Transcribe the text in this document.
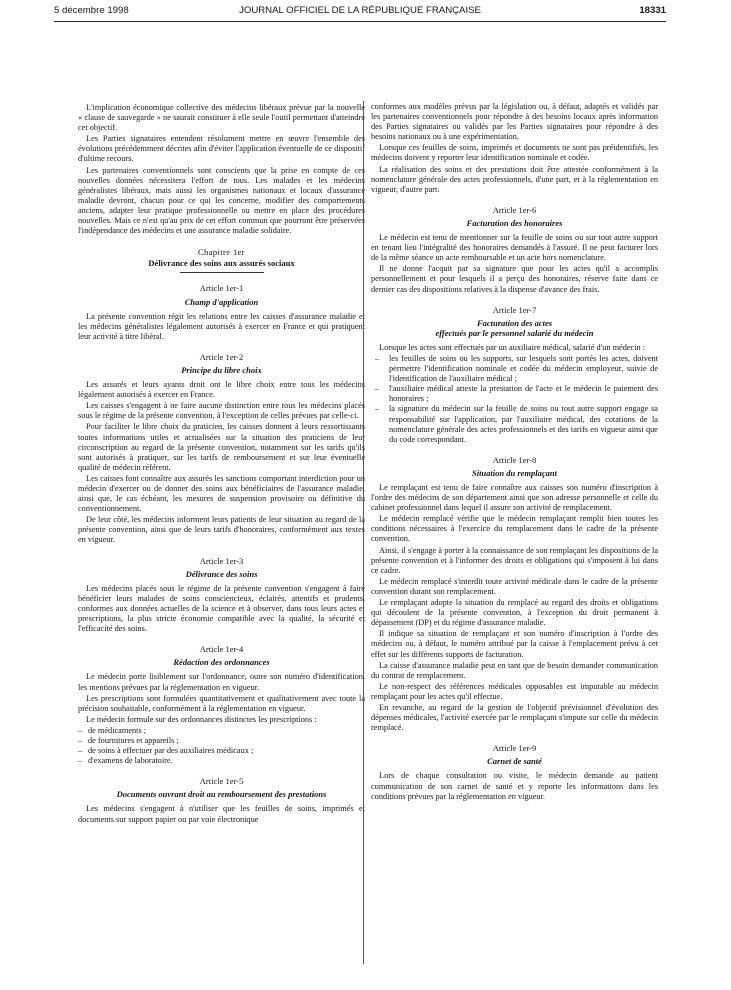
5 décembre 1998	JOURNAL OFFICIEL DE LA RÉPUBLIQUE FRANÇAISE	18331

L'implication économique collective des médecins libéraux prévue par la nouvelle « clause de sauvegarde » ne saurait constituer à elle seule l'outil permettant d'atteindre cet objectif.

Les Parties signataires entendent résolument mettre en œuvre l'ensemble des évolutions précédemment décrites afin d'éviter l'application éventuelle de ce dispositif d'ultime recours.

Les partenaires conventionnels sont conscients que la prise en compte de ces nouvelles données nécessitera l'effort de tous. Les malades et les médecins généralistes libéraux, mais aussi les organismes nationaux et locaux d'assurance maladie devront, chacun pour ce qui les concerne, modifier des comportements anciens, adapter leur pratique professionnelle ou mettre en place des procédures nouvelles. Mais ce n'est qu'au prix de cet effort commun que pourront être préservées l'indépendance des médecins et une assurance maladie solidaire.

Chapitre 1er
Délivrance des soins aux assurés sociaux
Article 1er-1
Champ d'application

La présente convention régit les relations entre les caisses d'assurance maladie et les médecins généralistes légalement autorisés à exercer en France et qui pratiquent leur activité à titre libéral.

Article 1er-2
Principe du libre choix

Les assurés et leurs ayants droit ont le libre choix entre tous les médecins légalement autorisés à exercer en France.

Les caisses s'engagent à ne faire aucune distinction entre tous les médecins placés sous le régime de la présente convention, à l'exception de celles prévues par celle-ci.

Pour faciliter le libre choix du praticien, les caisses donnent à leurs ressortissants toutes informations utiles et actualisées sur la situation des praticiens de leur circonscription au regard de la présente convention, notamment sur les tarifs qu'ils sont autorisés à pratiquer, sur les tarifs de remboursement et sur leur éventuelle qualité de médecin référent.

Les caisses font connaître aux assurés les sanctions comportant interdiction pour un médecin d'exercer ou de donner des soins aux bénéficiaires de l'assurance maladie, ainsi que, le cas échéant, les mesures de suspension provisoire ou définitive du conventionnement.

De leur côté, les médecins informent leurs patients de leur situation au regard de la présente convention, ainsi que de leurs tarifs d'honoraires, conformément aux textes en vigueur.

Article 1er-3
Délivrance des soins

Les médecins placés sous le régime de la présente convention s'engagent à faire bénéficier leurs malades de soins consciencieux, éclairés, attentifs et prudents, conformes aux données actuelles de la science et à observer, dans tous leurs actes et prescriptions, la plus stricte économie compatible avec la qualité, la sécurité et l'efficacité des soins.

Article 1er-4
Rédaction des ordonnances

Le médecin porte lisiblement sur l'ordonnance, outre son numéro d'identification, les mentions prévues par la réglementation en vigueur.

Les prescriptions sont formulées quantitativement et qualitativement avec toute la précision souhaitable, conformément à la réglementation en vigueur.

Le médecin formule sur des ordonnances distinctes les prescriptions :

– de médicaments ;
– de fournitures et appareils ;
– de soins à effectuer par des auxiliaires médicaux ;
– d'examens de laboratoire.
Article 1er-5
Documents ouvrant droit au remboursement des prestations

Les médecins s'engagent à n'utiliser que les feuilles de soins, imprimés et documents sur support papier ou par voie électronique

conformes aux modèles prévus par la législation ou, à défaut, adaptés et validés par les partenaires conventionnels pour répondre à des besoins locaux après information des Parties signataires ou validés par les Parties signataires pour répondre à des besoins nationaux ou à une expérimentation.

Lorsque ces feuilles de soins, imprimés et documents ne sont pas préidentifiés, les médecins doivent y reporter leur identification nominale et codée.

La réalisation des soins et des prestations doit être attestée conformément à la nomenclature générale des actes professionnels, d'une part, et à la réglementation en vigueur, d'autre part.

Article 1er-6
Facturation des honoraires

Le médecin est tenu de mentionner sur la feuille de soins ou sur tout autre support en tenant lieu l'intégralité des honoraires demandés à l'assuré. Il ne peut facturer lors de la même séance un acte remboursable et un acte hors nomenclature.

Il ne donne l'acquit par sa signature que pour les actes qu'il a accomplis personnellement et pour lesquels il a perçu des honoraires, réserve faite dans ce dernier cas des dispositions relatives à la dispense d'avance des frais.

Article 1er-7
Facturation des actes
effectués par le personnel salarié du médecin

Lorsque les actes sont effectués par un auxiliaire médical, salarié d'un médecin :

– les feuilles de soins ou les supports, sur lesquels sont portés les actes, doivent permettre l'identification nominale et codée du médecin employeur, suivie de l'identification de l'auxiliaire médical ;
– l'auxiliaire médical atteste la prestation de l'acte et le médecin le paiement des honoraires ;
– la signature du médecin sur la feuille de soins ou tout autre support engage sa responsabilité sur l'application, par l'auxiliaire médical, des cotations de la nomenclature générale des actes professionnels et des tarifs en vigueur ainsi que du code correspondant.
Article 1er-8
Situation du remplaçant

Le remplaçant est tenu de faire connaître aux caisses son numéro d'inscription à l'ordre des médecins de son département ainsi que son adresse personnelle et celle du cabinet professionnel dans lequel il assure son activité de remplacement.

Le médecin remplacé vérifie que le médecin remplaçant remplit bien toutes les conditions nécessaires à l'exercice du remplacement dans le cadre de la présente convention.

Ainsi, il s'engage à porter à la connaissance de son remplaçant les dispositions de la présente convention et à l'informer des droits et obligations qui s'imposent à lui dans ce cadre.

Le médecin remplacé s'interdit toute activité médicale dans le cadre de la présente convention durant son remplacement.

Le remplaçant adopte la situation du remplacé au regard des droits et obligations qui découlent de la présente convention, à l'exception du droit permanent à dépassement (DP) et du régime d'assurance maladie.

Il indique sa situation de remplaçant et son numéro d'inscription à l'ordre des médecins ou, à défaut, le numéro attribué par la caisse à l'emplacement prévu à cet effet sur les différents supports de facturation.

La caisse d'assurance maladie peut en tant que de besoin demander communication du contrat de remplacement.

Le non-respect des références médicales opposables est imputable au médecin remplaçant pour les actes qu'il effectue.

En revanche, au regard de la gestion de l'objectif prévisionnel d'évolution des dépenses médicales, l'activité exercée par le remplaçant s'impute sur celle du médecin remplacé.

Article 1er-9
Carnet de santé

Lors de chaque consultation ou visite, le médecin demande au patient communication de son carnet de santé et y reporte les informations dans les conditions prévues par la réglementation en vigueur.
